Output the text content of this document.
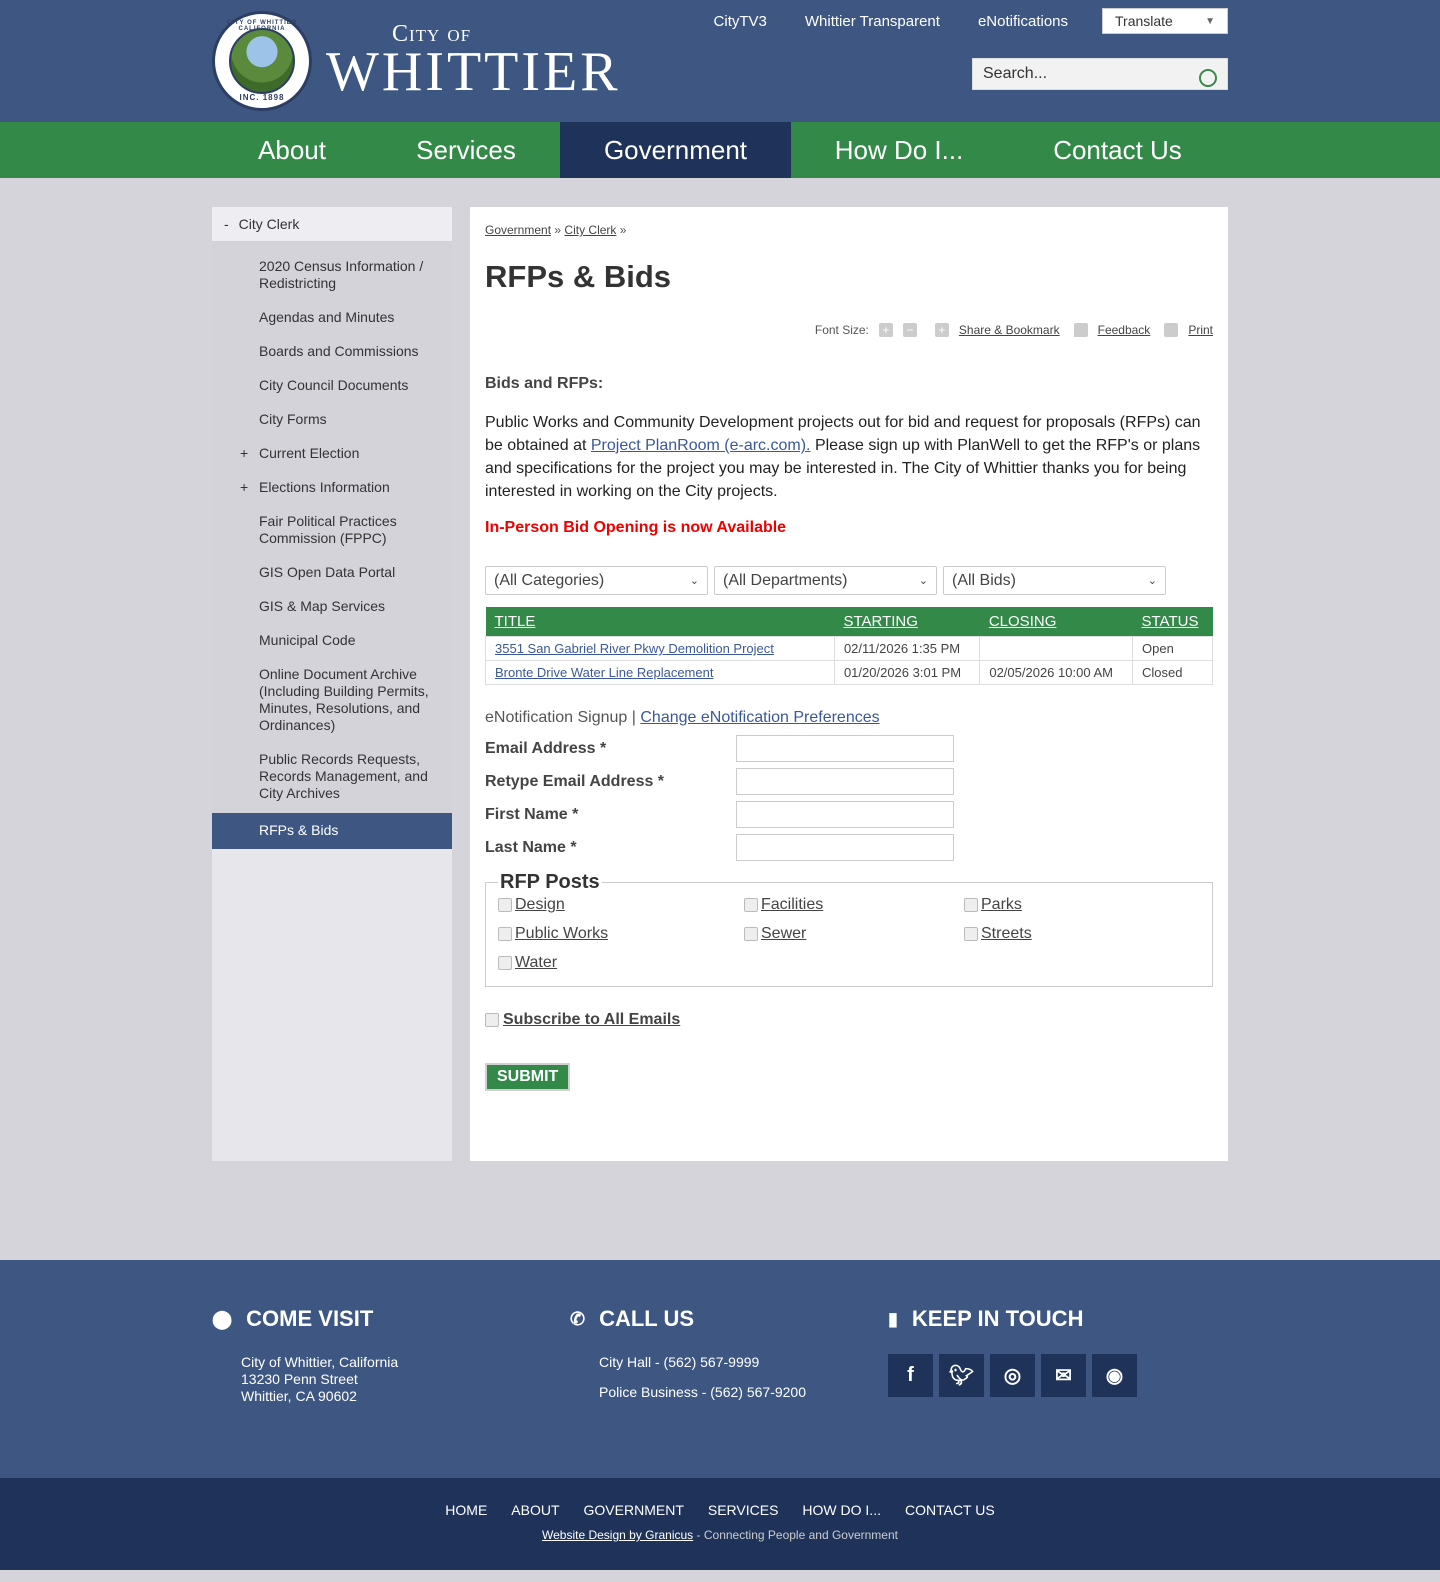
CITY OF WHITTIER CALIFORNIA
INC. 1898
City of
WHITTIER
CityTV3	Whittier Transparent	eNotifications	Translate	▼
Search...
About	Services	Government	How Do I...	Contact Us
- City Clerk
2020 Census Information / Redistricting
Agendas and Minutes
Boards and Commissions
City Council Documents
City Forms
+ Current Election
+ Elections Information
Fair Political Practices Commission (FPPC)
GIS Open Data Portal
GIS & Map Services
Municipal Code
Online Document Archive (Including Building Permits, Minutes, Resolutions, and Ordinances)
Public Records Requests, Records Management, and City Archives
RFPs & Bids
Government » City Clerk »
RFPs & Bids
Font Size: + − + Share & Bookmark	Feedback	Print
Bids and RFPs:

Public Works and Community Development projects out for bid and request for proposals (RFPs) can be obtained at Project PlanRoom (e-arc.com). Please sign up with PlanWell to get the RFP's or plans and specifications for the project you may be interested in. The City of Whittier thanks you for being interested in working on the City projects.

In-Person Bid Opening is now Available
(All Categories)	⌄ (All Departments)	⌄ (All Bids)	⌄
TITLE	STARTING	CLOSING	STATUS
3551 San Gabriel River Pkwy Demolition Project	02/11/2026 1:35 PM		Open
Bronte Drive Water Line Replacement	01/20/2026 3:01 PM	02/05/2026 10:00 AM	Closed
eNotification Signup | Change eNotification Preferences
Email Address *
Retype Email Address *
First Name *
Last Name *
RFP Posts
Design	Facilities	Parks
Public Works	Sewer	Streets
Water
Subscribe to All Emails
SUBMIT
⬤ COME VISIT

City of Whittier, California

13230 Penn Street

Whittier, CA 90602

✆ CALL US

City Hall - (562) 567-9999

Police Business - (562) 567-9200

▮ KEEP IN TOUCH
f	🐦︎	◎	✉	◉
HOME ABOUT GOVERNMENT SERVICES HOW DO I... CONTACT US
Website Design by Granicus - Connecting People and Government
